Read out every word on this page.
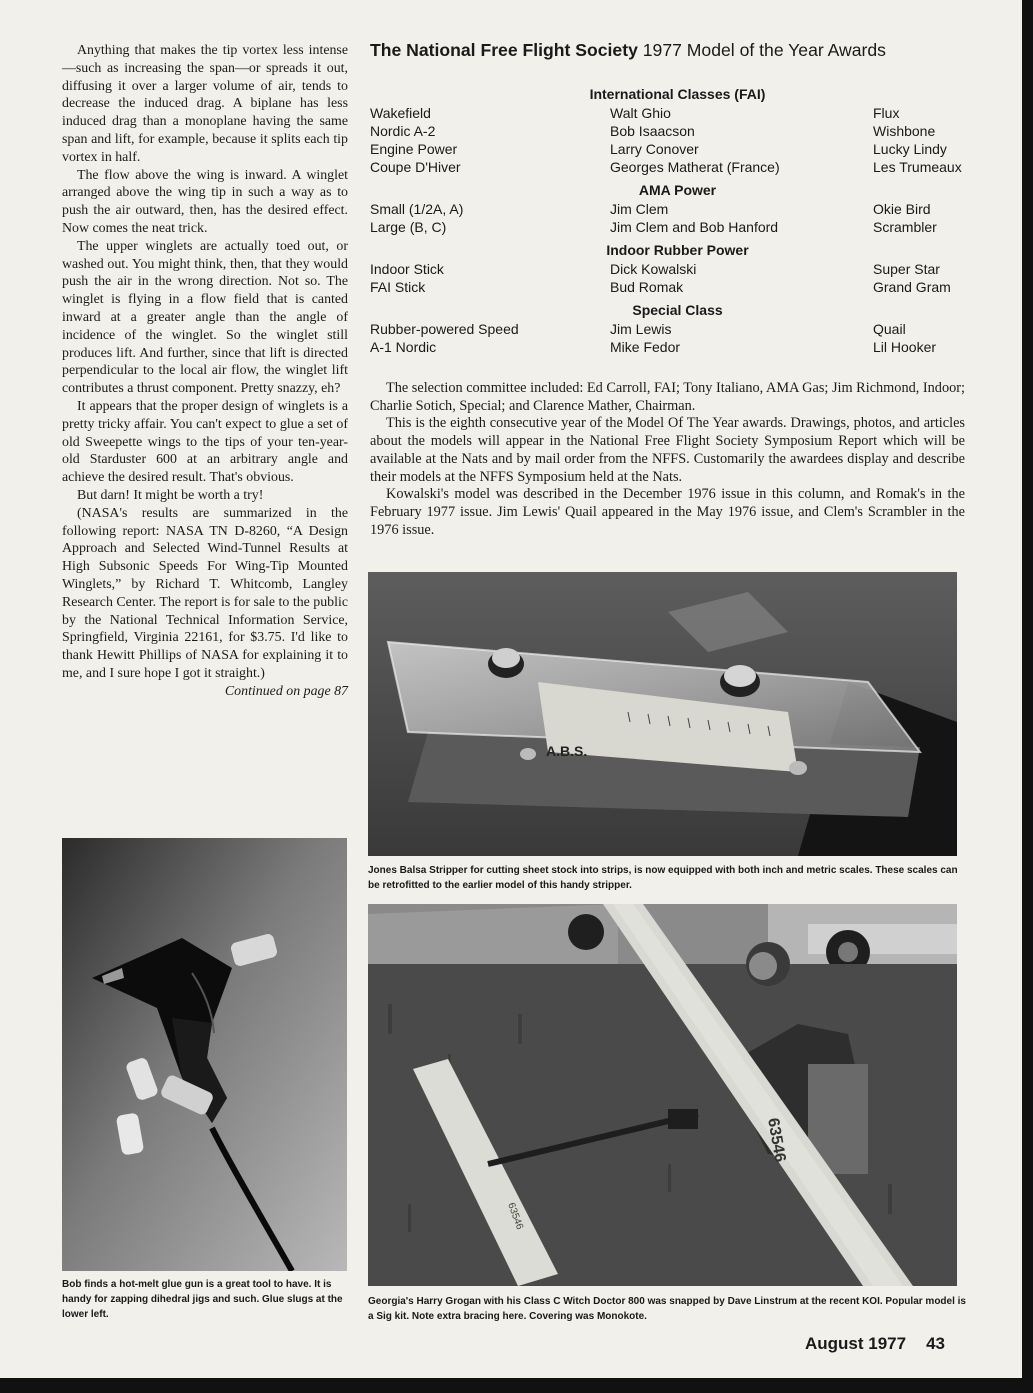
Anything that makes the tip vortex less intense—such as increasing the span—or spreads it out, diffusing it over a larger volume of air, tends to decrease the induced drag. A biplane has less induced drag than a monoplane having the same span and lift, for example, because it splits each tip vortex in half.

The flow above the wing is inward. A winglet arranged above the wing tip in such a way as to push the air outward, then, has the desired effect. Now comes the neat trick.

The upper winglets are actually toed out, or washed out. You might think, then, that they would push the air in the wrong direction. Not so. The winglet is flying in a flow field that is canted inward at a greater angle than the angle of incidence of the winglet. So the winglet still produces lift. And further, since that lift is directed perpendicular to the local air flow, the winglet lift contributes a thrust component. Pretty snazzy, eh?

It appears that the proper design of winglets is a pretty tricky affair. You can't expect to glue a set of old Sweepette wings to the tips of your ten-year-old Starduster 600 at an arbitrary angle and achieve the desired result. That's obvious.

But darn! It might be worth a try!

(NASA's results are summarized in the following report: NASA TN D-8260, “A Design Approach and Selected Wind-Tunnel Results at High Subsonic Speeds For Wing-Tip Mounted Winglets,” by Richard T. Whitcomb, Langley Research Center. The report is for sale to the public by the National Technical Information Service, Springfield, Virginia 22161, for $3.75. I'd like to thank Hewitt Phillips of NASA for explaining it to me, and I sure hope I got it straight.)

Continued on page 87

The National Free Flight Society 1977 Model of the Year Awards
International Classes (FAI)
Wakefield	Walt Ghio	Flux
Nordic A-2	Bob Isaacson	Wishbone
Engine Power	Larry Conover	Lucky Lindy
Coupe D'Hiver	Georges Matherat (France)	Les Trumeaux
AMA Power
Small (1/2A, A)	Jim Clem	Okie Bird
Large (B, C)	Jim Clem and Bob Hanford	Scrambler
Indoor Rubber Power
Indoor Stick	Dick Kowalski	Super Star
FAI Stick	Bud Romak	Grand Gram
Special Class
Rubber-powered Speed	Jim Lewis	Quail
A-1 Nordic	Mike Fedor	Lil Hooker

The selection committee included: Ed Carroll, FAI; Tony Italiano, AMA Gas; Jim Richmond, Indoor; Charlie Sotich, Special; and Clarence Mather, Chairman.

This is the eighth consecutive year of the Model Of The Year awards. Drawings, photos, and articles about the models will appear in the National Free Flight Society Symposium Report which will be available at the Nats and by mail order from the NFFS. Customarily the awardees display and describe their models at the NFFS Symposium held at the Nats.

Kowalski's model was described in the December 1976 issue in this column, and Romak's in the February 1977 issue. Jim Lewis' Quail appeared in the May 1976 issue, and Clem's Scrambler in the 1976 issue.

A.B.S.
Jones Balsa Stripper for cutting sheet stock into strips, is now equipped with both inch and metric scales. These scales can be retrofitted to the earlier model of this handy stripper.
Bob finds a hot-melt glue gun is a great tool to have. It is handy for zapping dihedral jigs and such. Glue slugs at the lower left.
63546
63546
Georgia's Harry Grogan with his Class C Witch Doctor 800 was snapped by Dave Linstrum at the recent KOI. Popular model is a Sig kit. Note extra bracing here. Covering was Monokote.
August 1977 43
